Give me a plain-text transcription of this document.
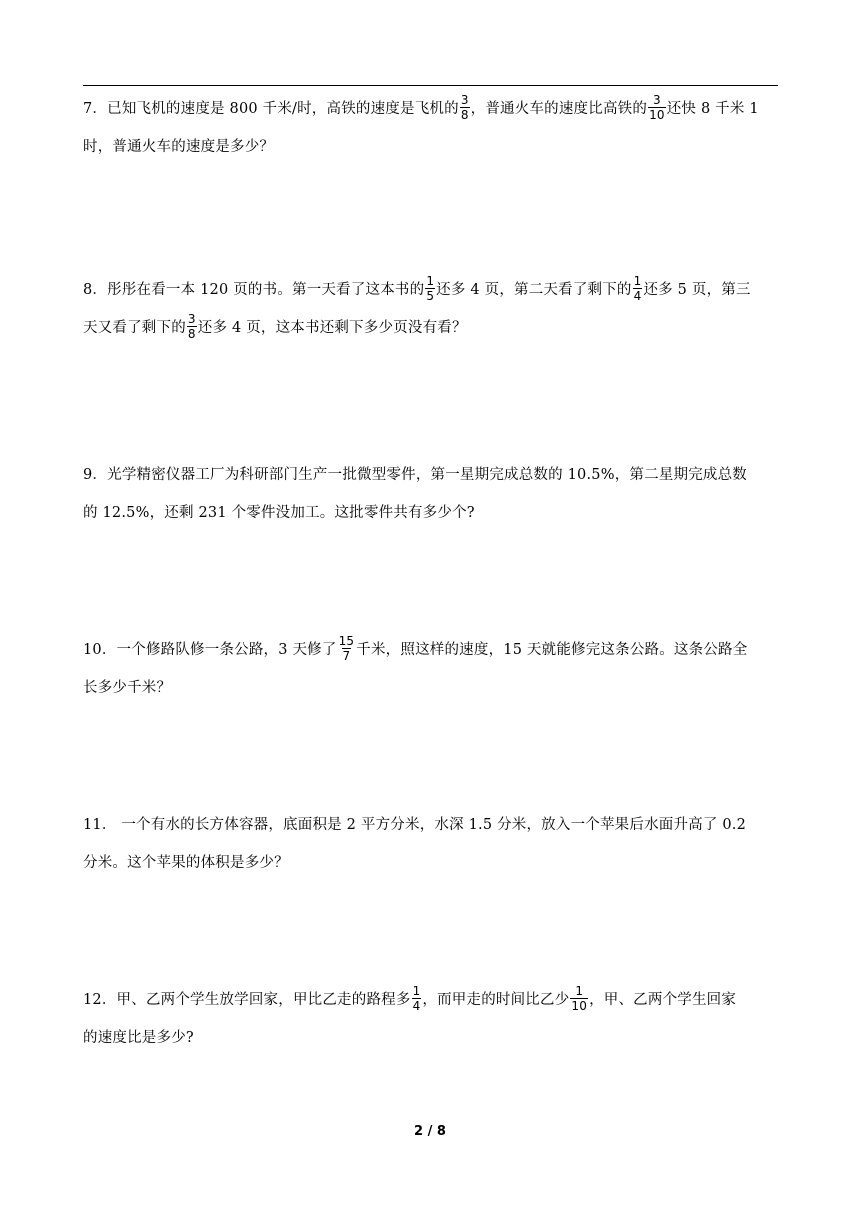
7．已知飞机的速度是 800 千米/时，高铁的速度是飞机的 $\frac{3}{8}$ ，普通火车的速度比高铁的 $\frac{3}{10}$ 还快 8 千米 1

时，普通火车的速度是多少？

8．彤彤在看一本 120 页的书。第一天看了这本书的 $\frac{1}{5}$ 还多 4 页，第二天看了剩下的 $\frac{1}{4}$ 还多 5 页，第三

天又看了剩下的 $\frac{3}{8}$ 还多 4 页，这本书还剩下多少页没有看？

9．光学精密仪器工厂为科研部门生产一批微型零件，第一星期完成总数的 10.5%，第二星期完成总数

的 12.5%，还剩 231 个零件没加工。这批零件共有多少个?

10．一个修路队修一条公路，3 天修了 $\frac{15}{7}$ 千米，照这样的速度，15 天就能修完这条公路。这条公路全

长多少千米？

11． 一个有水的长方体容器，底面积是 2 平方分米，水深 1.5 分米，放入一个苹果后水面升高了 0.2

分米。这个苹果的体积是多少？

12．甲、乙两个学生放学回家，甲比乙走的路程多 $\frac{1}{4}$ ，而甲走的时间比乙少 $\frac{1}{10}$ ，甲、乙两个学生回家

的速度比是多少?

2 / 8
